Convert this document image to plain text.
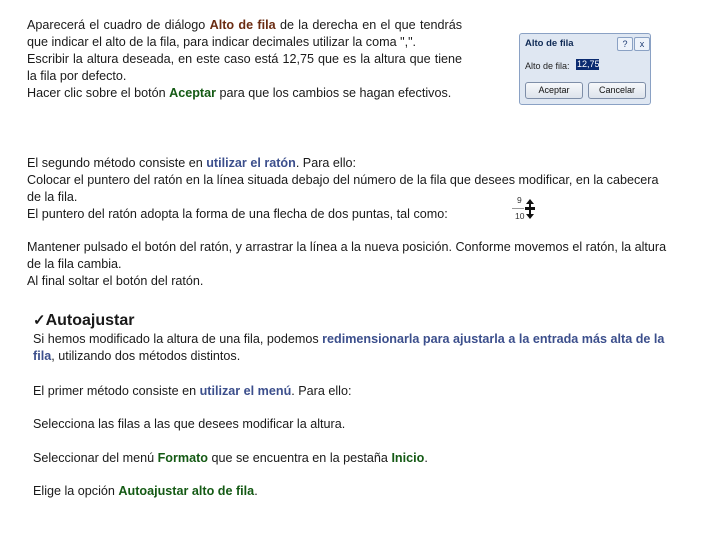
Aparecerá el cuadro de diálogo Alto de fila de la derecha en el que tendrás que indicar el alto de la fila, para indicar decimales utilizar la coma ",".
Escribir la altura deseada, en este caso está 12,75 que es la altura que tiene la fila por defecto.
Hacer clic sobre el botón Aceptar para que los cambios se hagan efectivos.
Alto de fila	?	x
Alto de fila: 12,75
Aceptar	Cancelar
El segundo método consiste en utilizar el ratón. Para ello:
Colocar el puntero del ratón en la línea situada debajo del número de la fila que desees modificar, en la cabecera de la fila.
El puntero del ratón adopta la forma de una flecha de dos puntas, tal como:
9
10
Mantener pulsado el botón del ratón, y arrastrar la línea a la nueva posición. Conforme movemos el ratón, la altura de la fila cambia.
Al final soltar el botón del ratón.
✓Autoajustar
Si hemos modificado la altura de una fila, podemos redimensionarla para ajustarla a la entrada más alta de la fila, utilizando dos métodos distintos.
El primer método consiste en utilizar el menú. Para ello:
Selecciona las filas a las que desees modificar la altura.
Seleccionar del menú Formato que se encuentra en la pestaña Inicio.
Elige la opción Autoajustar alto de fila.
